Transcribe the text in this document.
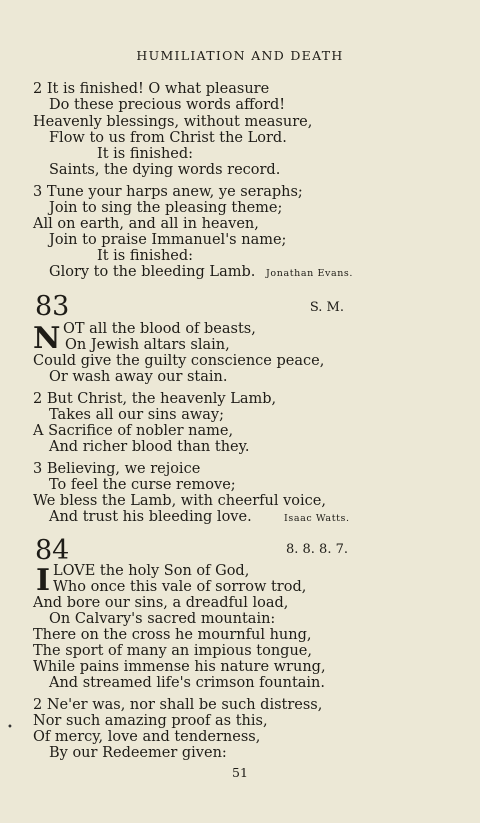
HUMILIATION AND DEATH
2 It is finished! O what pleasure
Do these precious words afford!
Heavenly blessings, without measure,
Flow to us from Christ the Lord.
It is finished:
Saints, the dying words record.
3 Tune your harps anew, ye seraphs;
Join to sing the pleasing theme;
All on earth, and all in heaven,
Join to praise Immanuel's name;
It is finished:
Glory to the bleeding Lamb. Jonathan Evans.
83	S. M.
N OT all the blood of beasts,
On Jewish altars slain,
Could give the guilty conscience peace,
Or wash away our stain.
2 But Christ, the heavenly Lamb,
Takes all our sins away;
A Sacrifice of nobler name,
And richer blood than they.
3 Believing, we rejoice
To feel the curse remove;
We bless the Lamb, with cheerful voice,
And trust his bleeding love.	Isaac Watts.
84	8. 8. 8. 7.
I LOVE the holy Son of God,
Who once this vale of sorrow trod,
And bore our sins, a dreadful load,
On Calvary's sacred mountain:
There on the cross he mournful hung,
The sport of many an impious tongue,
While pains immense his nature wrung,
And streamed life's crimson fountain.
2 Ne'er was, nor shall be such distress,
Nor such amazing proof as this,
Of mercy, love and tenderness,
By our Redeemer given:
•
51
